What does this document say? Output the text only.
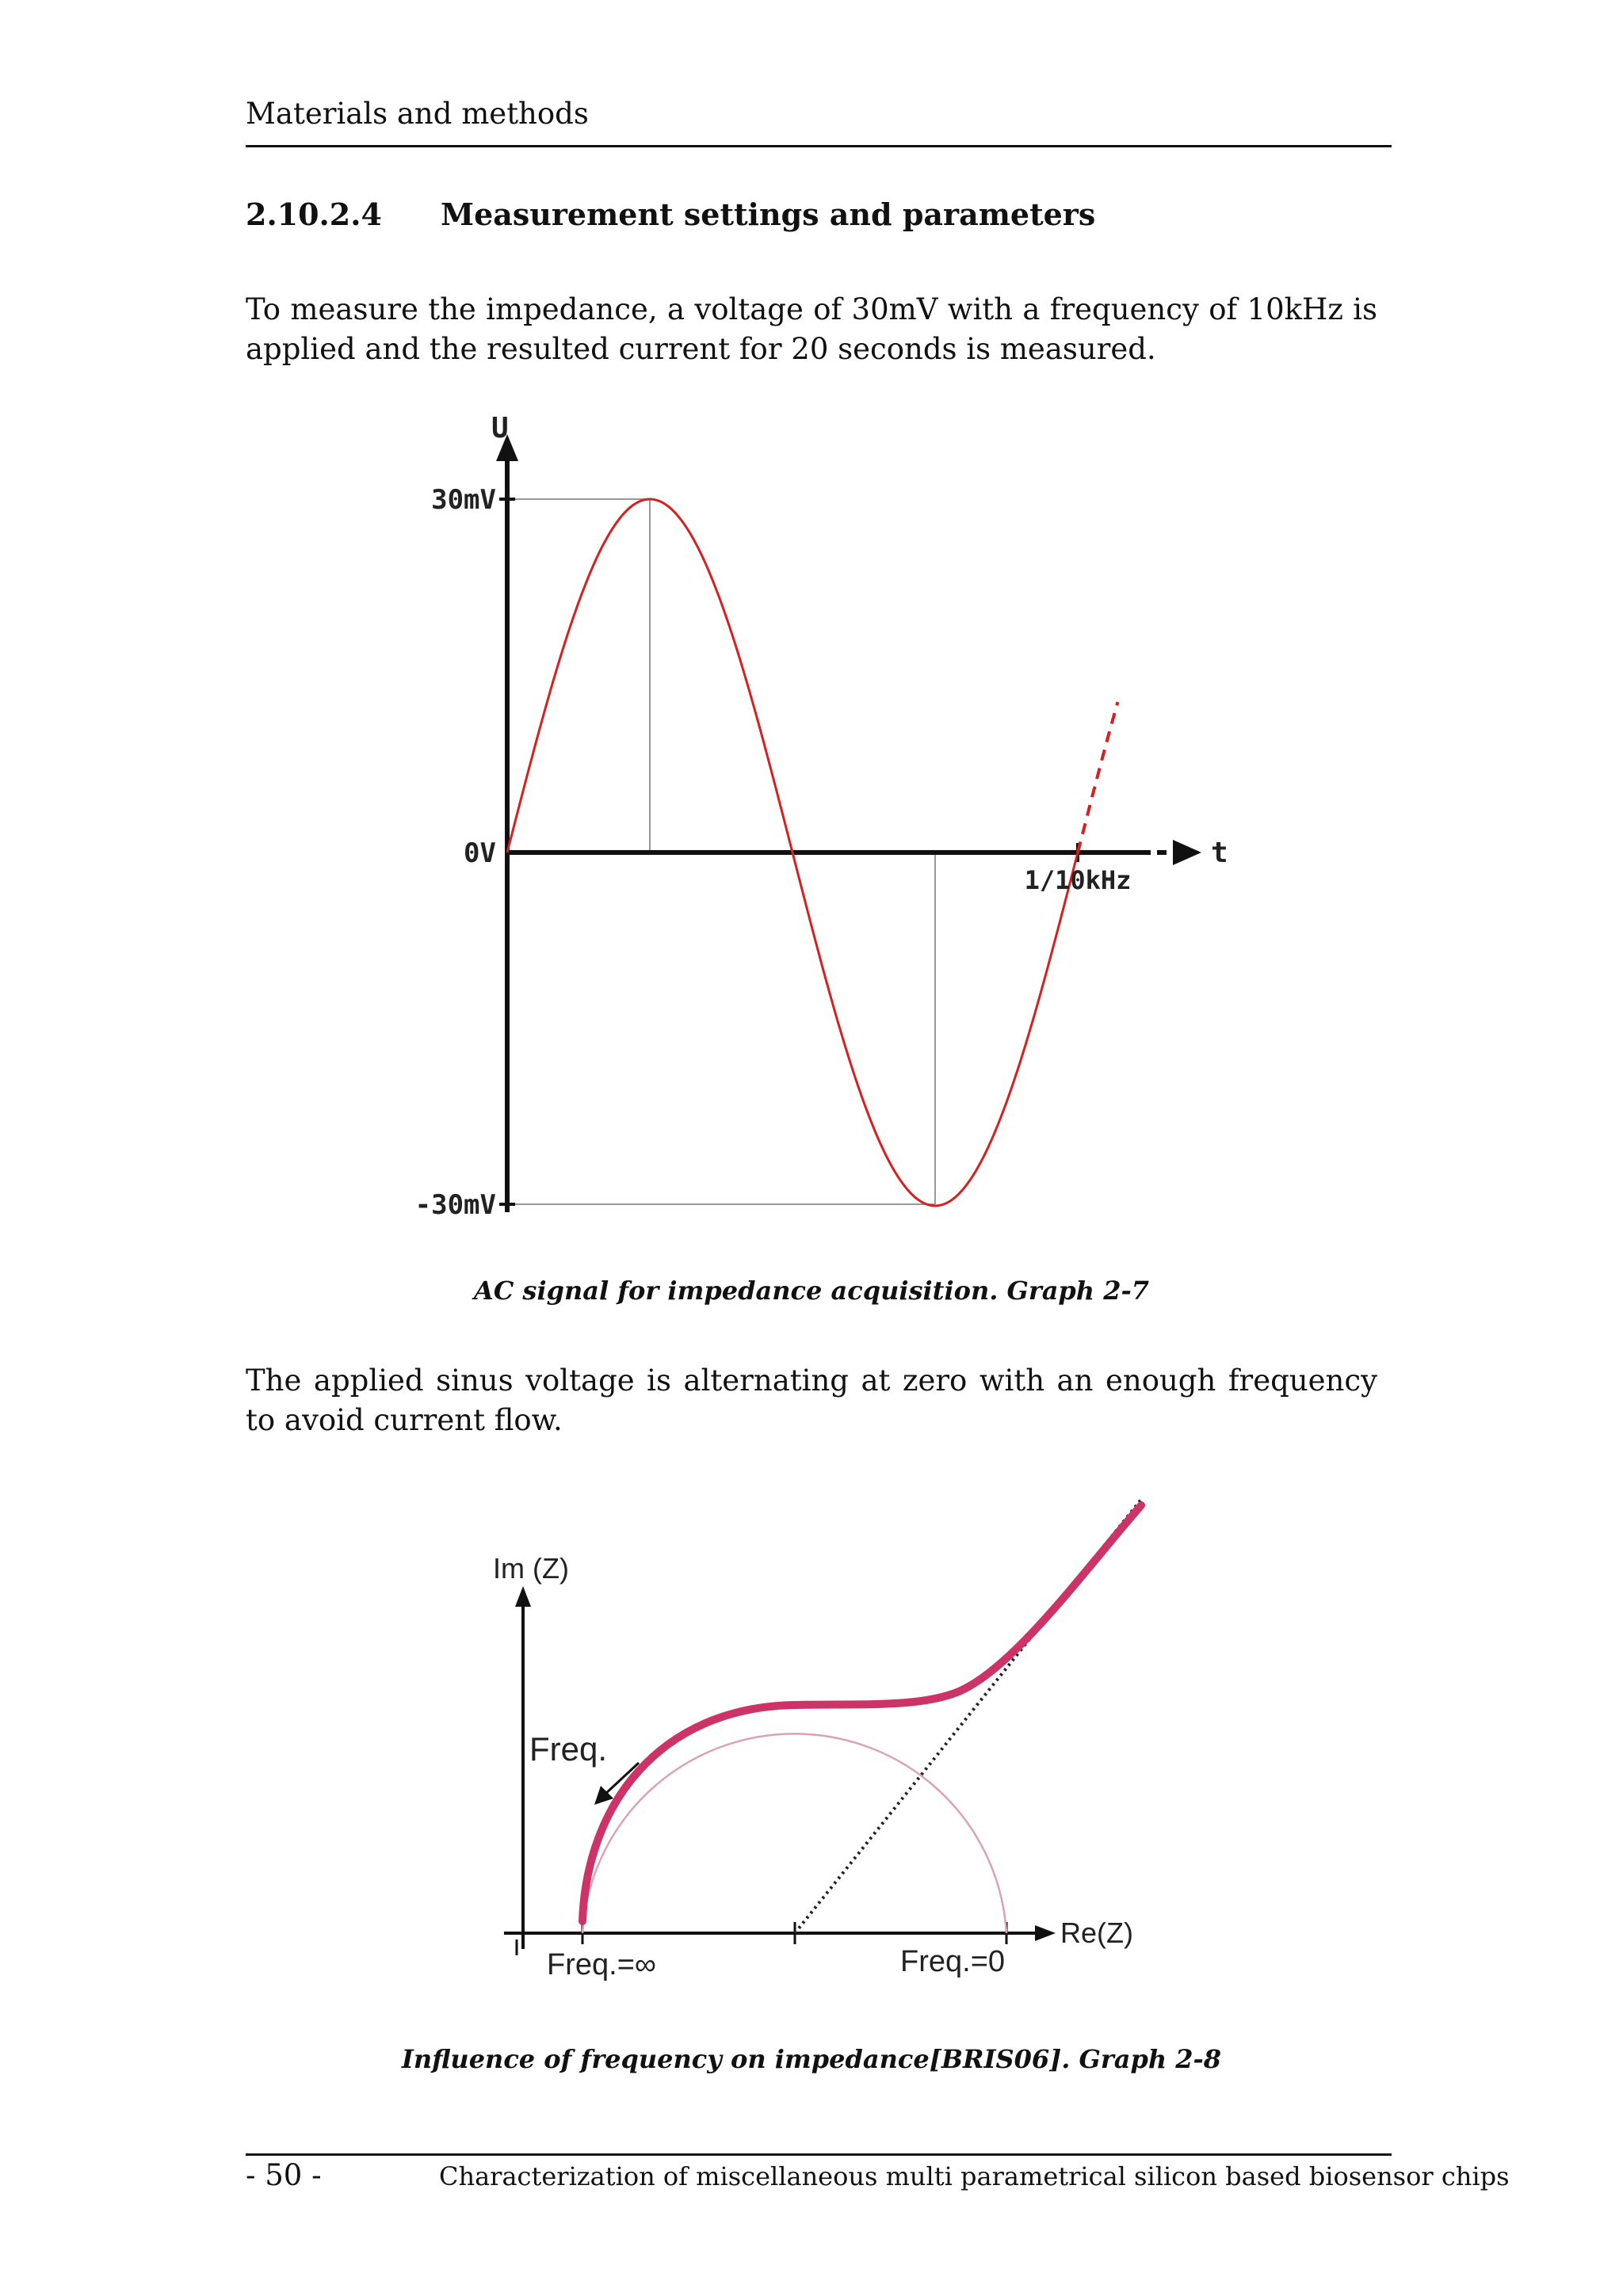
Materials and methods
2.10.2.4 Measurement settings and parameters
To measure the impedance, a voltage of 30mV with a frequency of 10kHz is applied and the resulted current for 20 seconds is measured.
U
t
30mV
0V
-30mV
1/10kHz
AC signal for impedance acquisition. Graph 2-7
The applied sinus voltage is alternating at zero with an enough frequency to avoid current flow.
Im (Z)
Re(Z)
Freq.
Freq.=∞	Freq.=0
Influence of frequency on impedance[BRIS06]. Graph 2-8
- 50 -	Characterization of miscellaneous multi parametrical silicon based biosensor chips
